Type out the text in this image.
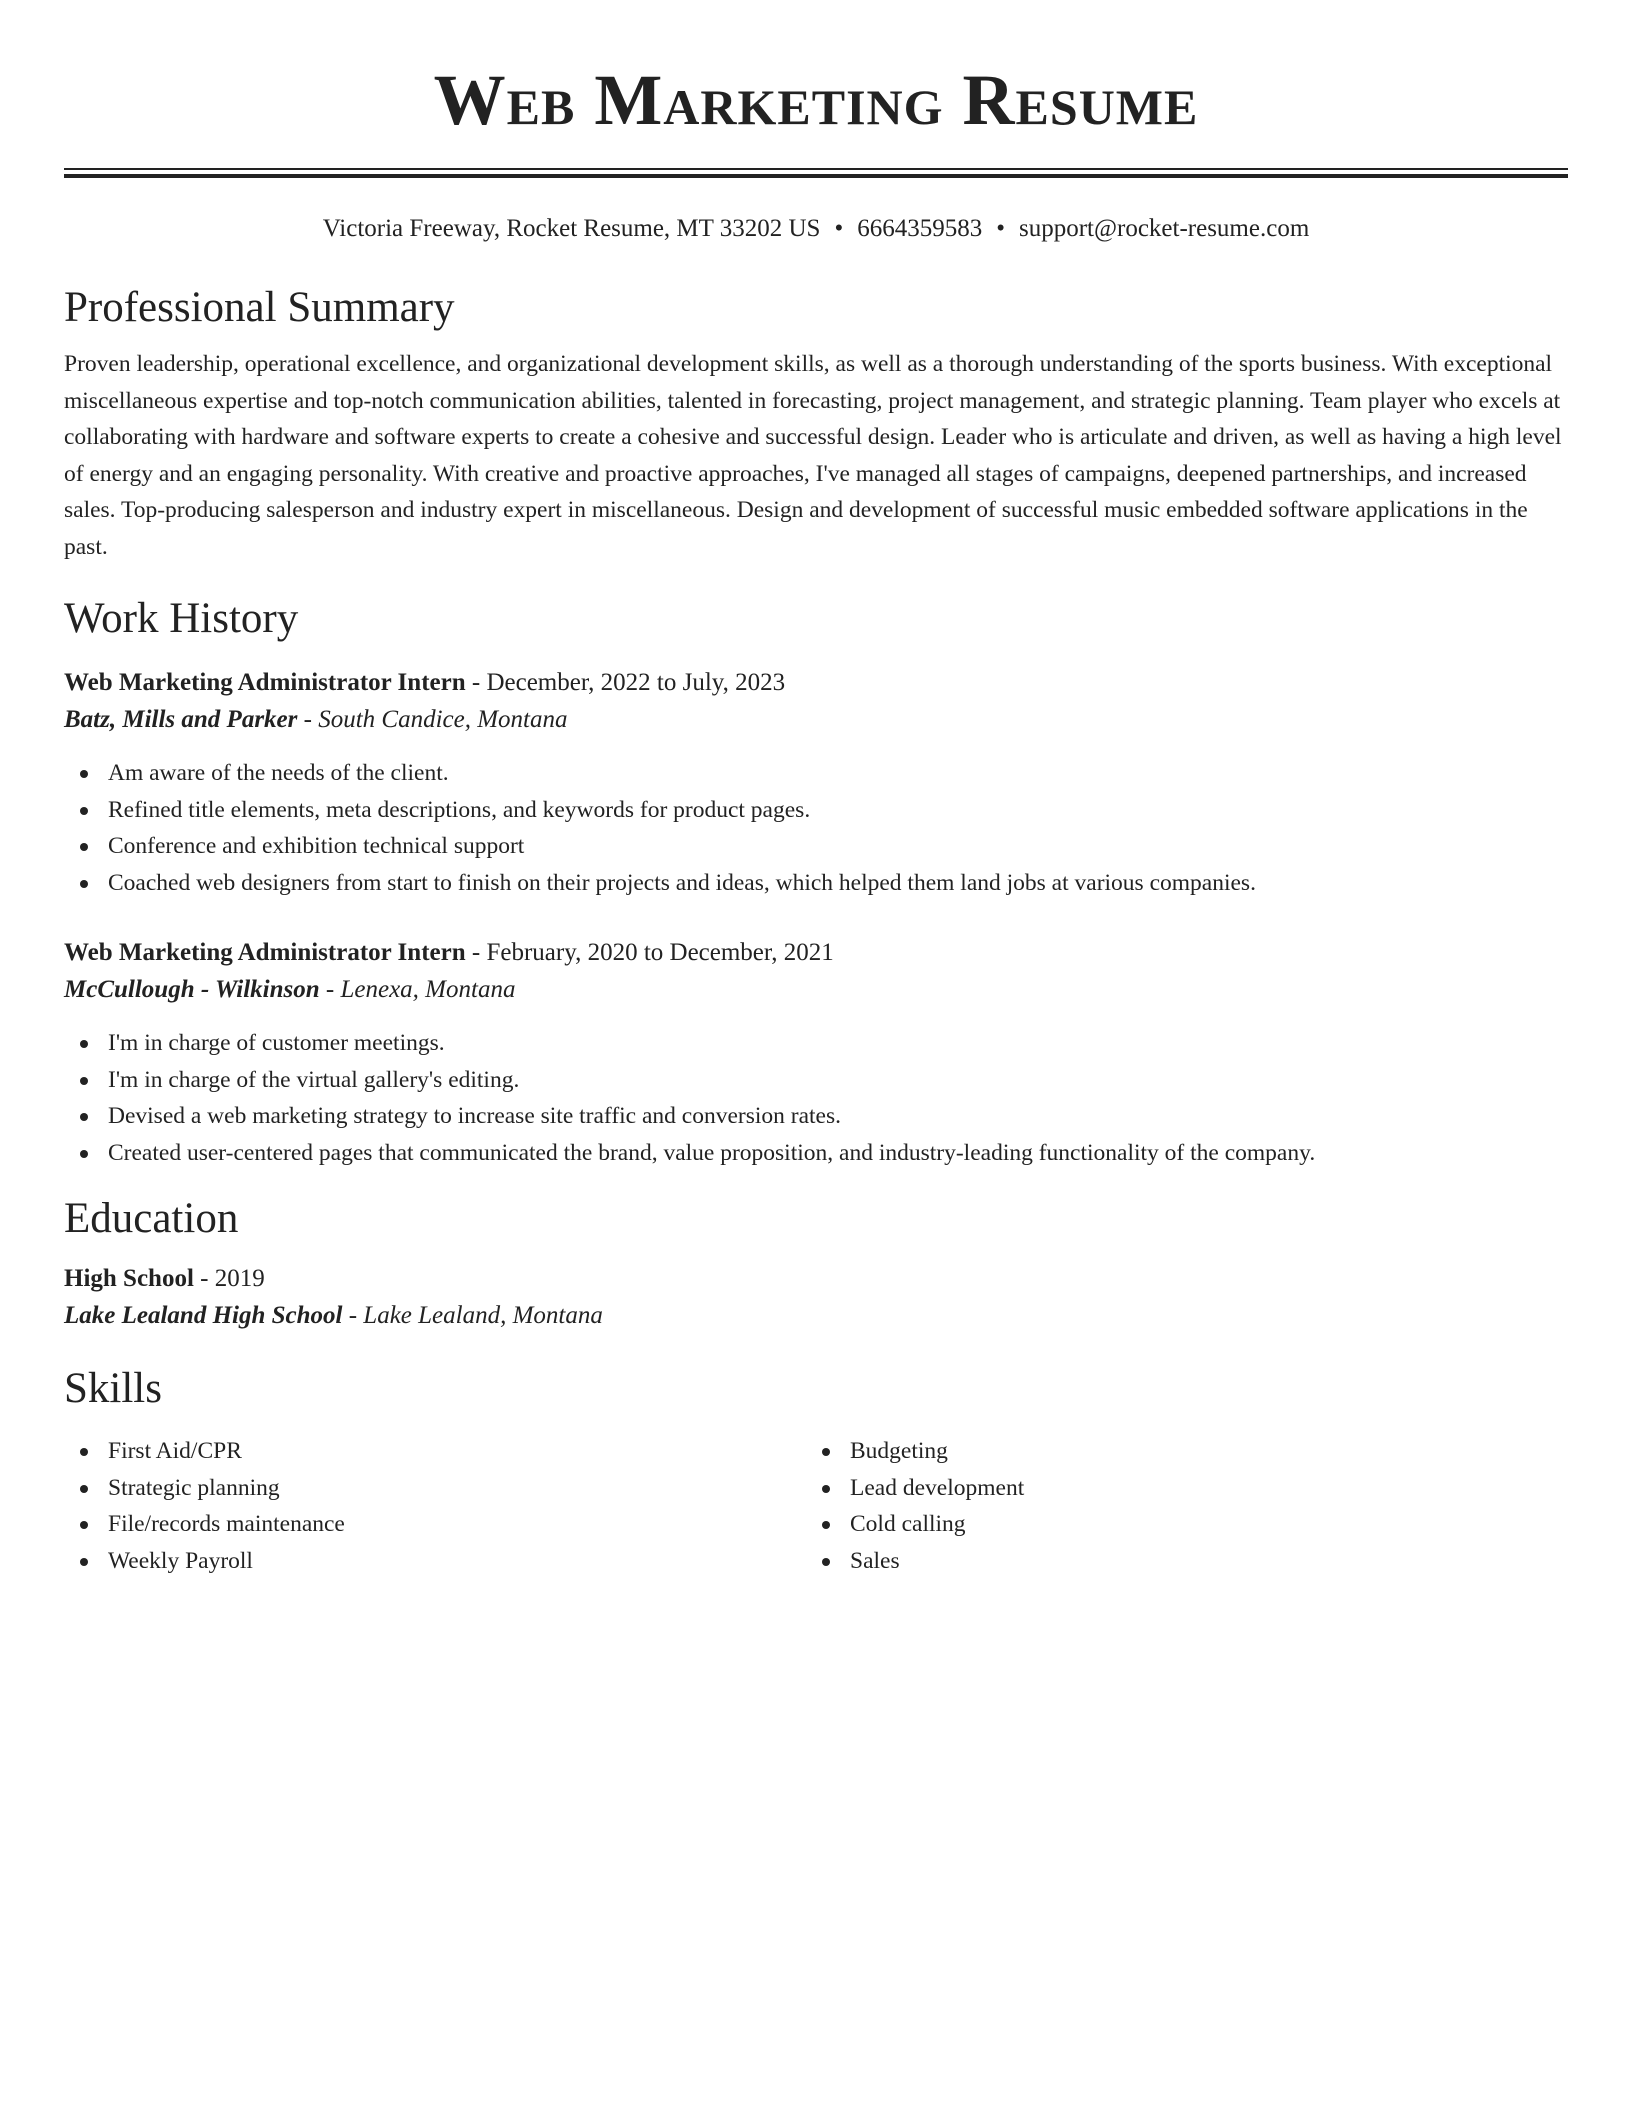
Web Marketing Resume
Victoria Freeway, Rocket Resume, MT 33202 US • 6664359583 • support@rocket-resume.com
Professional Summary
Proven leadership, operational excellence, and organizational development skills, as well as a thorough understanding of the sports business. With exceptional miscellaneous expertise and top-notch communication abilities, talented in forecasting, project management, and strategic planning. Team player who excels at collaborating with hardware and software experts to create a cohesive and successful design. Leader who is articulate and driven, as well as having a high level of energy and an engaging personality. With creative and proactive approaches, I've managed all stages of campaigns, deepened partnerships, and increased sales. Top-producing salesperson and industry expert in miscellaneous. Design and development of successful music embedded software applications in the past.
Work History
Web Marketing Administrator Intern - December, 2022 to July, 2023
Batz, Mills and Parker - South Candice, Montana
Am aware of the needs of the client.
Refined title elements, meta descriptions, and keywords for product pages.
Conference and exhibition technical support
Coached web designers from start to finish on their projects and ideas, which helped them land jobs at various companies.
Web Marketing Administrator Intern - February, 2020 to December, 2021
McCullough - Wilkinson - Lenexa, Montana
I'm in charge of customer meetings.
I'm in charge of the virtual gallery's editing.
Devised a web marketing strategy to increase site traffic and conversion rates.
Created user-centered pages that communicated the brand, value proposition, and industry-leading functionality of the company.
Education
High School - 2019
Lake Lealand High School - Lake Lealand, Montana
Skills
First Aid/CPR
Strategic planning
File/records maintenance
Weekly Payroll
Budgeting
Lead development
Cold calling
Sales
